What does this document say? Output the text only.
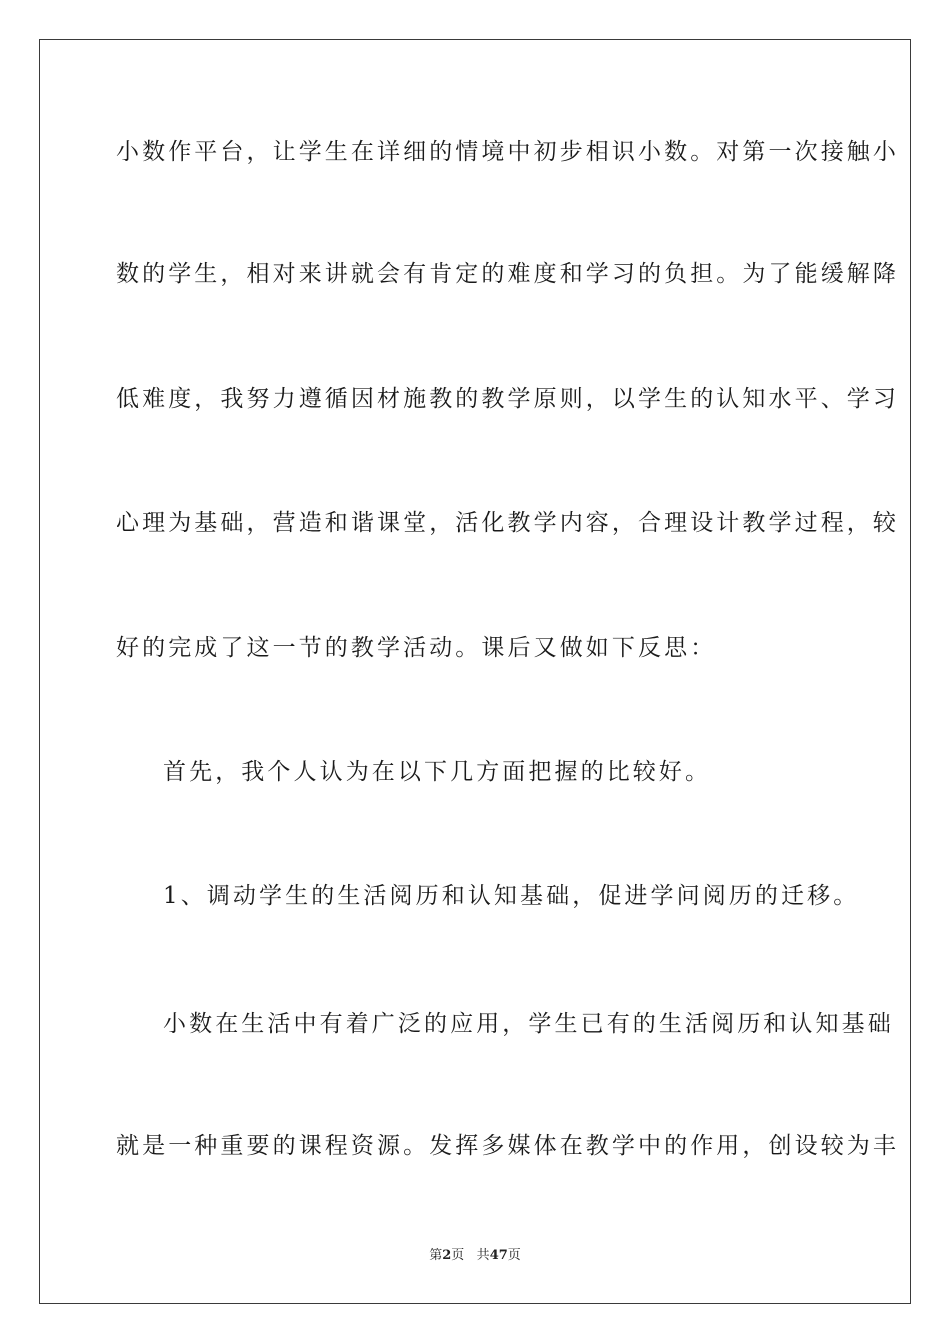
小数作平台，让学生在详细的情境中初步相识小数。对第一次接触小
数的学生，相对来讲就会有肯定的难度和学习的负担。为了能缓解降
低难度，我努力遵循因材施教的教学原则，以学生的认知水平、学习
心理为基础，营造和谐课堂，活化教学内容，合理设计教学过程，较
好的完成了这一节的教学活动。课后又做如下反思：
首先，我个人认为在以下几方面把握的比较好。
1、调动学生的生活阅历和认知基础，促进学问阅历的迁移。
小数在生活中有着广泛的应用，学生已有的生活阅历和认知基础
就是一种重要的课程资源。发挥多媒体在教学中的作用，创设较为丰
第2页 共47页
